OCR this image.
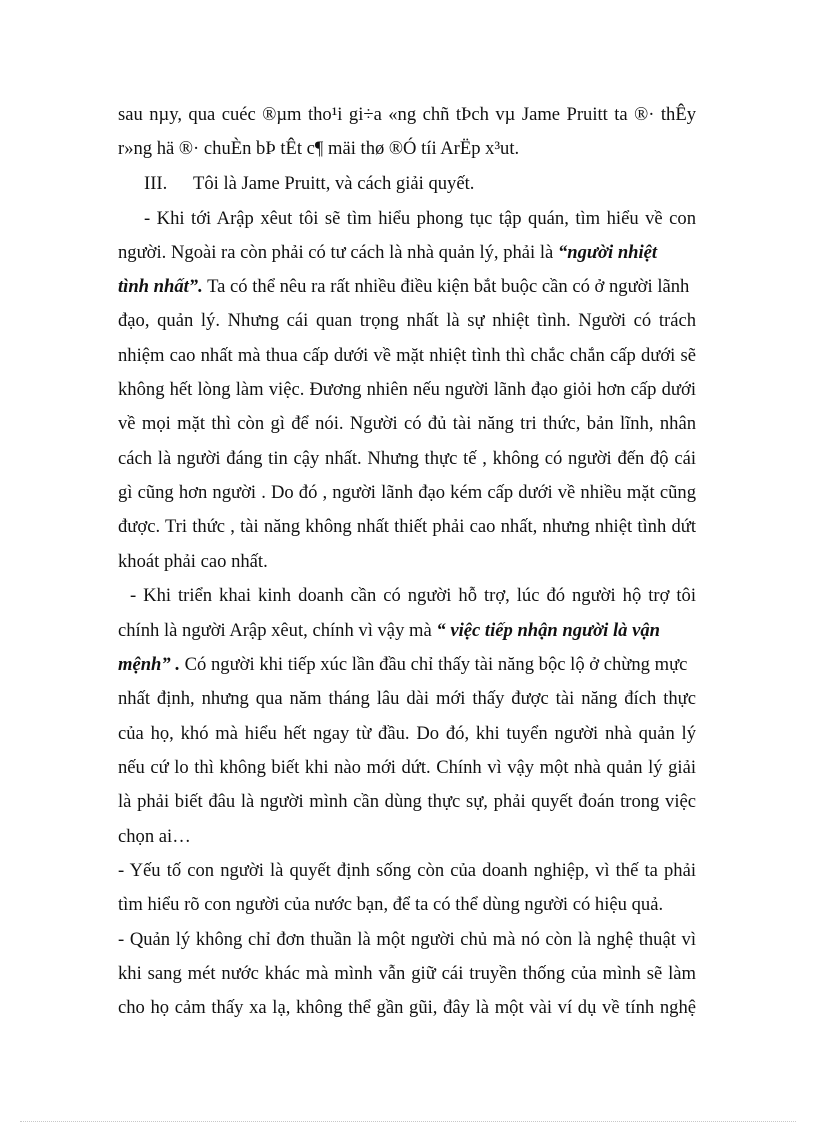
sau nµy, qua cuéc ®µm tho¹i gi÷a «ng chñ tÞch vµ Jame Pruitt ta ®· thÊy
r»ng hä ®· chuÈn bÞ tÊt c¶ mäi thø ®Ó tíi ArËp x³ut.
III. Tôi là Jame Pruitt, và cách giải quyết.
- Khi tới Arập xêut tôi sẽ tìm hiểu phong tục tập quán, tìm hiểu về con
người. Ngoài ra còn phải có tư cách là nhà quản lý, phải là “người nhiệt
tình nhất”. Ta có thể nêu ra rất nhiều điều kiện bắt buộc cần có ở người lãnh
đạo, quản lý. Nhưng cái quan trọng nhất là sự nhiệt tình. Người có trách
nhiệm cao nhất mà thua cấp dưới về mặt nhiệt tình thì chắc chắn cấp dưới sẽ
không hết lòng làm việc. Đương nhiên nếu người lãnh đạo giỏi hơn cấp dưới
về mọi mặt thì còn gì để nói. Người có đủ tài năng tri thức, bản lĩnh, nhân
cách là người đáng tin cậy nhất. Nhưng thực tế , không có người đến độ cái
gì cũng hơn người . Do đó , người lãnh đạo kém cấp dưới về nhiều mặt cũng
được. Tri thức , tài năng không nhất thiết phải cao nhất, nhưng nhiệt tình dứt
khoát phải cao nhất.
- Khi triển khai kinh doanh cần có người hỗ trợ, lúc đó người hộ trợ tôi
chính là người Arập xêut, chính vì vậy mà “ việc tiếp nhận người là vận
mệnh” . Có người khi tiếp xúc lần đầu chỉ thấy tài năng bộc lộ ở chừng mực
nhất định, nhưng qua năm tháng lâu dài mới thấy được tài năng đích thực
của họ, khó mà hiểu hết ngay từ đầu. Do đó, khi tuyển người nhà quản lý
nếu cứ lo thì không biết khi nào mới dứt. Chính vì vậy một nhà quản lý giải
là phải biết đâu là người mình cần dùng thực sự, phải quyết đoán trong việc
chọn ai…
- Yếu tố con người là quyết định sống còn của doanh nghiệp, vì thế ta phải
tìm hiểu rõ con người của nước bạn, để ta có thể dùng người có hiệu quả.
- Quản lý không chỉ đơn thuần là một người chủ mà nó còn là nghệ thuật vì
khi sang mét nước khác mà mình vẫn giữ cái truyền thống của mình sẽ làm
cho họ cảm thấy xa lạ, không thể gần gũi, đây là một vài ví dụ về tính nghệ
